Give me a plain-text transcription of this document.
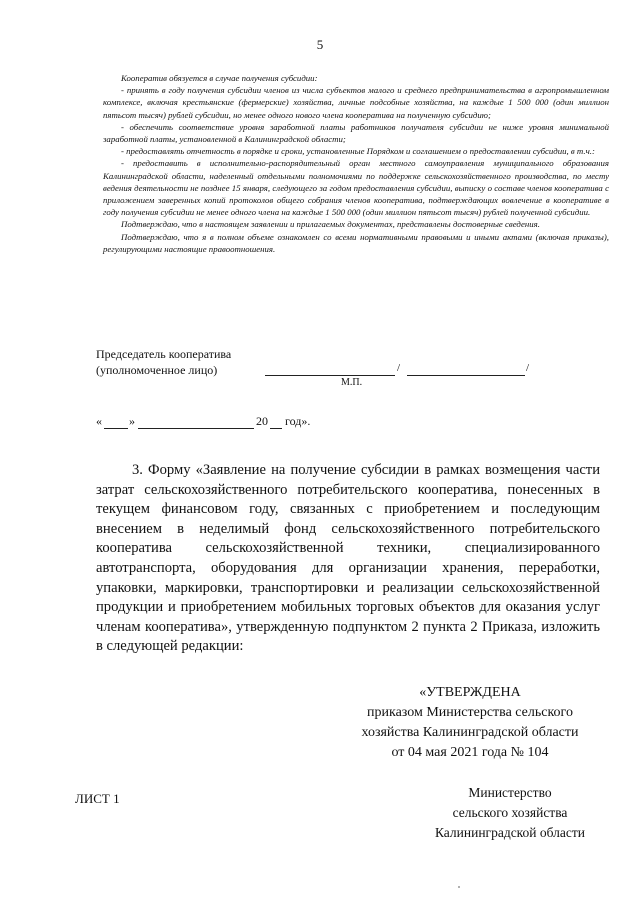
5

Кооператив обязуется в случае получения субсидии:

- принять в году получения субсидии членов из числа субъектов малого и среднего предпринимательства в агропромышленном комплексе, включая крестьянские (фермерские) хозяйства, личные подсобные хозяйства, на каждые 1 500 000 (один миллион пятьсот тысяч) рублей субсидии, но менее одного нового члена кооператива на полученную субсидию;

- обеспечить соответствие уровня заработной платы работников получателя субсидии не ниже уровня минимальной заработной платы, установленной в Калининградской области;

- предоставлять отчетность в порядке и сроки, установленные Порядком и соглашением о предоставлении субсидии, в т.ч.:

- предоставить в исполнительно-распорядительный орган местного самоуправления муниципального образования Калининградской области, наделенный отдельными полномочиями по поддержке сельскохозяйственного производства, по месту ведения деятельности не позднее 15 января, следующего за годом предоставления субсидии, выписку о составе членов кооператива с приложением заверенных копий протоколов общего собрания членов кооператива, подтверждающих вовлечение в кооперативе в году получения субсидии не менее одного члена на каждые 1 500 000 (один миллион пятьсот тысяч) рублей полученной субсидии.

Подтверждаю, что в настоящем заявлении и прилагаемых документах, представлены достоверные сведения.

Подтверждаю, что я в полном объеме ознакомлен со всеми нормативными правовыми и иными актами (включая приказы), регулирующими настоящие правоотношения.

Председатель кооператива
(уполномоченное лицо)	/	/
М.П.
« »	20 год».
3. Форму «Заявление на получение субсидии в рамках возмещения части затрат сельскохозяйственного потребительского кооператива, понесенных в текущем финансовом году, связанных с приобретением и последующим внесением в неделимый фонд сельскохозяйственного потребительского кооператива сельскохозяйственной техники, специализированного автотранспорта, оборудования для организации хранения, переработки, упаковки, маркировки, транспортировки и реализации сельскохозяйственной продукции и приобретением мобильных торговых объектов для оказания услуг членам кооператива», утвержденную подпунктом 2 пункта 2 Приказа, изложить в следующей редакции:
«УТВЕРЖДЕНА
приказом Министерства сельского
хозяйства Калининградской области
от 04 мая 2021 года № 104
ЛИСТ 1	Министерство
сельского хозяйства
Калининградской области
